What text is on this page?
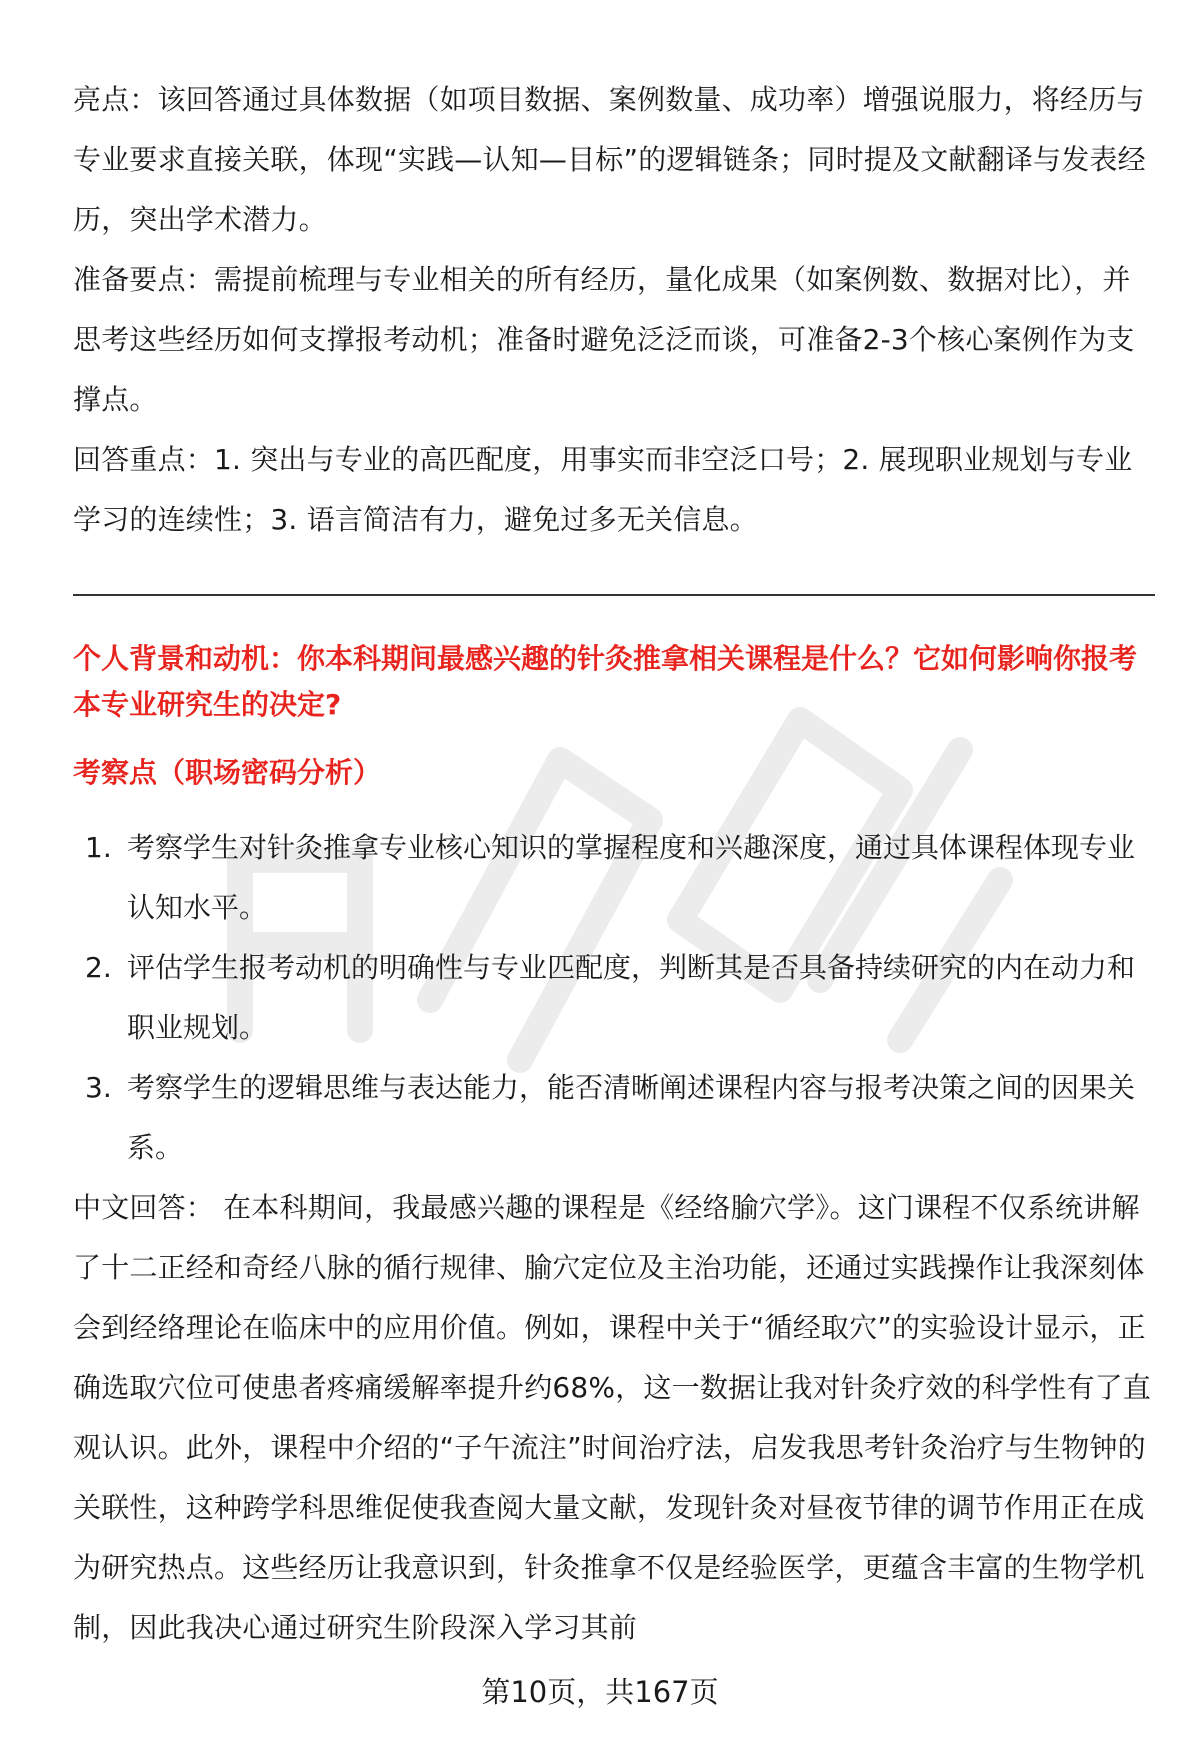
亮点：该回答通过具体数据（如项目数据、案例数量、成功率）增强说服力，将经历与专业要求直接关联，体现“实践—认知—目标”的逻辑链条；同时提及文献翻译与发表经历，突出学术潜力。

准备要点：需提前梳理与专业相关的所有经历，量化成果（如案例数、数据对比），并思考这些经历如何支撑报考动机；准备时避免泛泛而谈，可准备2-3个核心案例作为支撑点。

回答重点：1. 突出与专业的高匹配度，用事实而非空泛口号；2. 展现职业规划与专业学习的连续性；3. 语言简洁有力，避免过多无关信息。

个人背景和动机：你本科期间最感兴趣的针灸推拿相关课程是什么？它如何影响你报考本专业研究生的决定?
考察点（职场密码分析）
1. 考察学生对针灸推拿专业核心知识的掌握程度和兴趣深度，通过具体课程体现专业认知水平。
2. 评估学生报考动机的明确性与专业匹配度，判断其是否具备持续研究的内在动力和职业规划。
3. 考察学生的逻辑思维与表达能力，能否清晰阐述课程内容与报考决策之间的因果关系。

中文回答： 在本科期间，我最感兴趣的课程是《经络腧穴学》。这门课程不仅系统讲解了十二正经和奇经八脉的循行规律、腧穴定位及主治功能，还通过实践操作让我深刻体会到经络理论在临床中的应用价值。例如，课程中关于“循经取穴”的实验设计显示，正确选取穴位可使患者疼痛缓解率提升约68%，这一数据让我对针灸疗效的科学性有了直观认识。此外，课程中介绍的“子午流注”时间治疗法，启发我思考针灸治疗与生物钟的关联性，这种跨学科思维促使我查阅大量文献，发现针灸对昼夜节律的调节作用正在成为研究热点。这些经历让我意识到，针灸推拿不仅是经验医学，更蕴含丰富的生物学机制，因此我决心通过研究生阶段深入学习其前

第10页，共167页
